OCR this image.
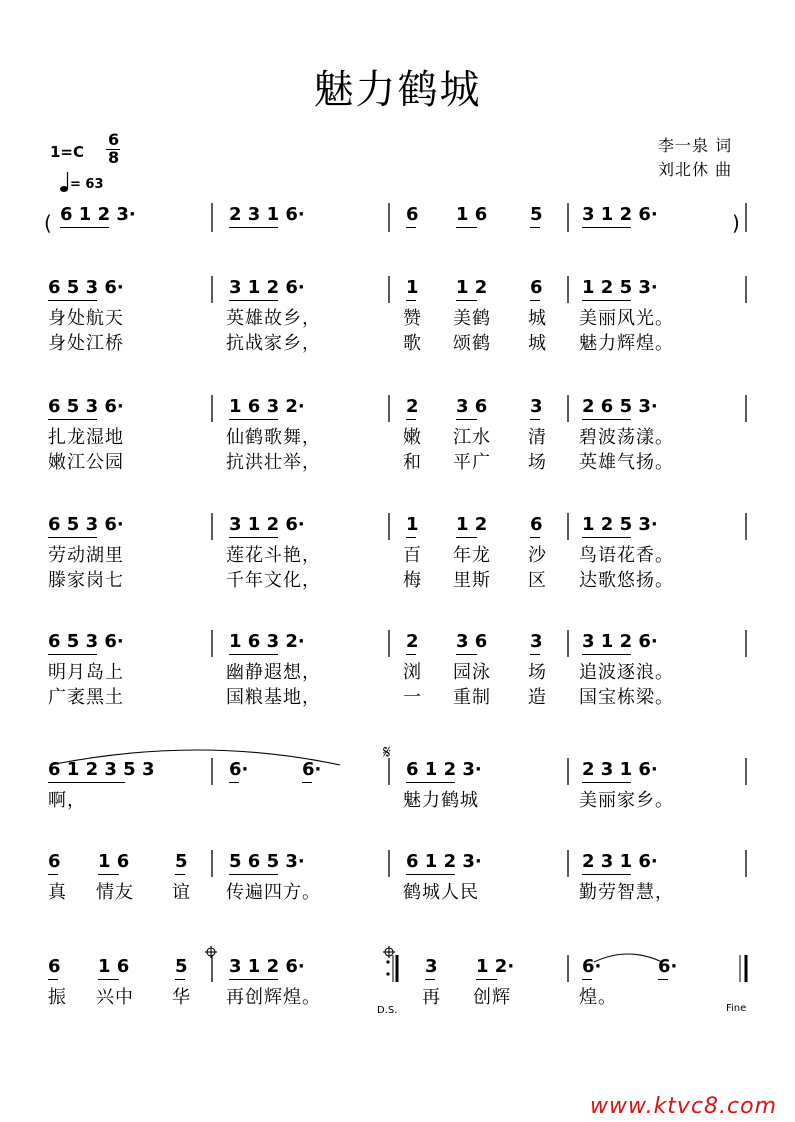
魅力鹤城
1=C
6
8
= 63
李一泉 词
刘北休 曲
6 1 2 3·	2 3 1 6·	6 1 6 5 3 1 2 6·
6 5 3 6·	3 1 2 6·	1 1 2 6 1 2 5 3·
身处航天	英雄故乡，	赞 美鹤 城 美丽风光。
身处江桥	抗战家乡，	歌 颂鹤 城 魅力辉煌。
6 5 3 6·	1 6 3 2·	2 3 6 3 2 6 5 3·
扎龙湿地	仙鹤歌舞，	嫩 江水 清 碧波荡漾。
嫩江公园	抗洪壮举，	和 平广 场 英雄气扬。
6 5 3 6·	3 1 2 6·	1 1 2 6 1 2 5 3·
劳动湖里	莲花斗艳，	百 年龙 沙 鸟语花香。
滕家岗七	千年文化，	梅 里斯 区 达歌悠扬。
6 5 3 6·	1 6 3 2·	2 3 6 3 3 1 2 6·
明月岛上	幽静遐想，	浏 园泳 场 追波逐浪。
广袤黑土	国粮基地，	一 重制 造 国宝栋梁。
6 1 2 3 5 3	6·	6·	6 1 2 3·	2 3 1 6·
啊，	魅力鹤城	美丽家乡。
6 1 6	5 5 6 5 3·	6 1 2 3·	2 3 1 6·
真 情友 谊 传遍四方。	鹤城人民	勤劳智慧，
6 1 6	5 3 1 2 6·	3 1 2·	6·	6·
振 兴中 华 再创辉煌。	再 创辉	煌。
(	)
𝄋
D.S.	Fine
www.ktvc8.com
